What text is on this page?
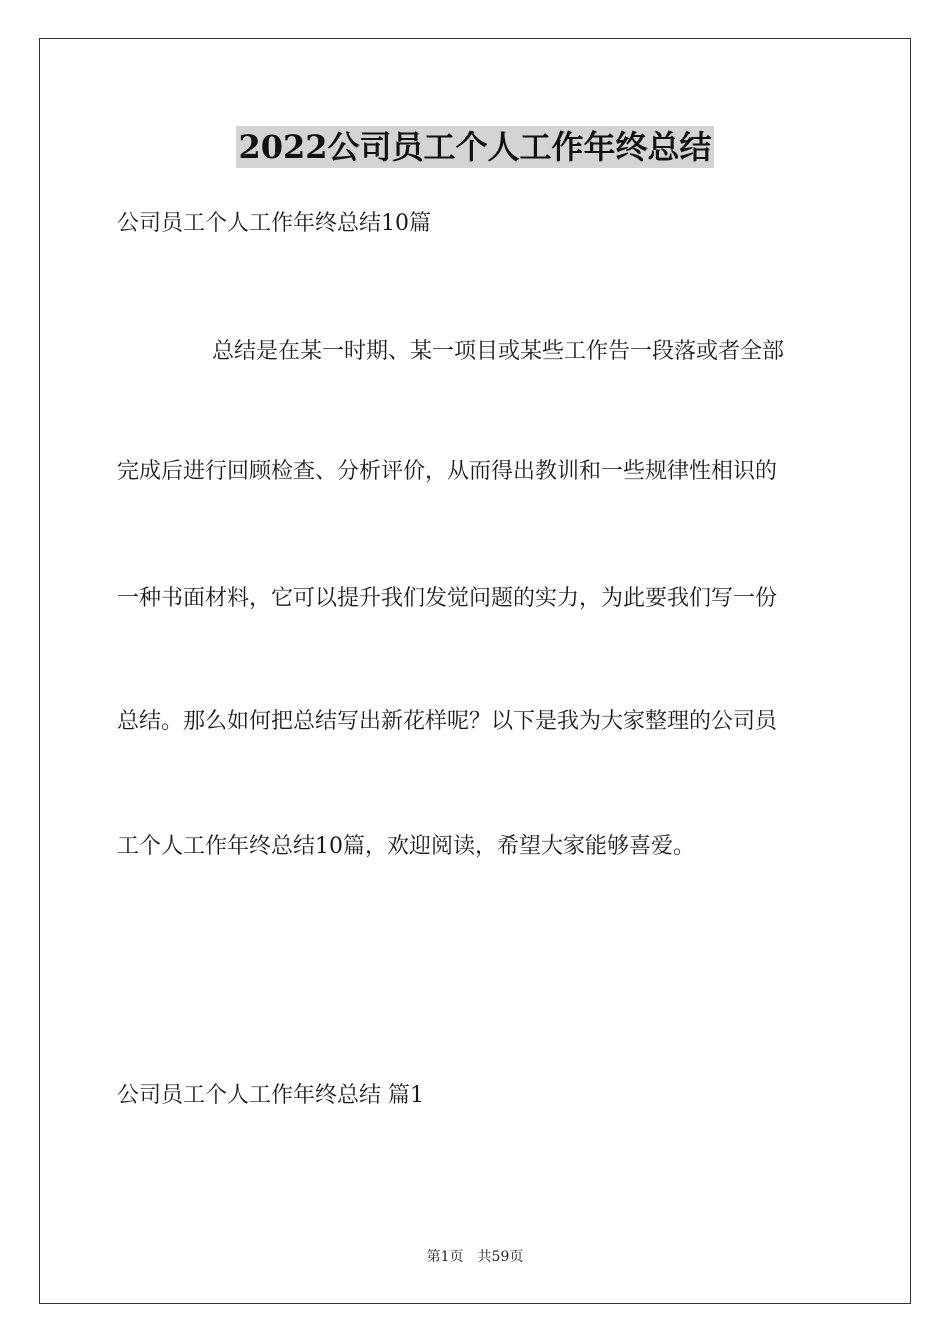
2022公司员工个人工作年终总结
公司员工个人工作年终总结10篇
总结是在某一时期、某一项目或某些工作告一段落或者全部
完成后进行回顾检查、分析评价，从而得出教训和一些规律性相识的
一种书面材料，它可以提升我们发觉问题的实力，为此要我们写一份
总结。那么如何把总结写出新花样呢？以下是我为大家整理的公司员
工个人工作年终总结10篇，欢迎阅读，希望大家能够喜爱。
公司员工个人工作年终总结 篇1
第1页 共59页
